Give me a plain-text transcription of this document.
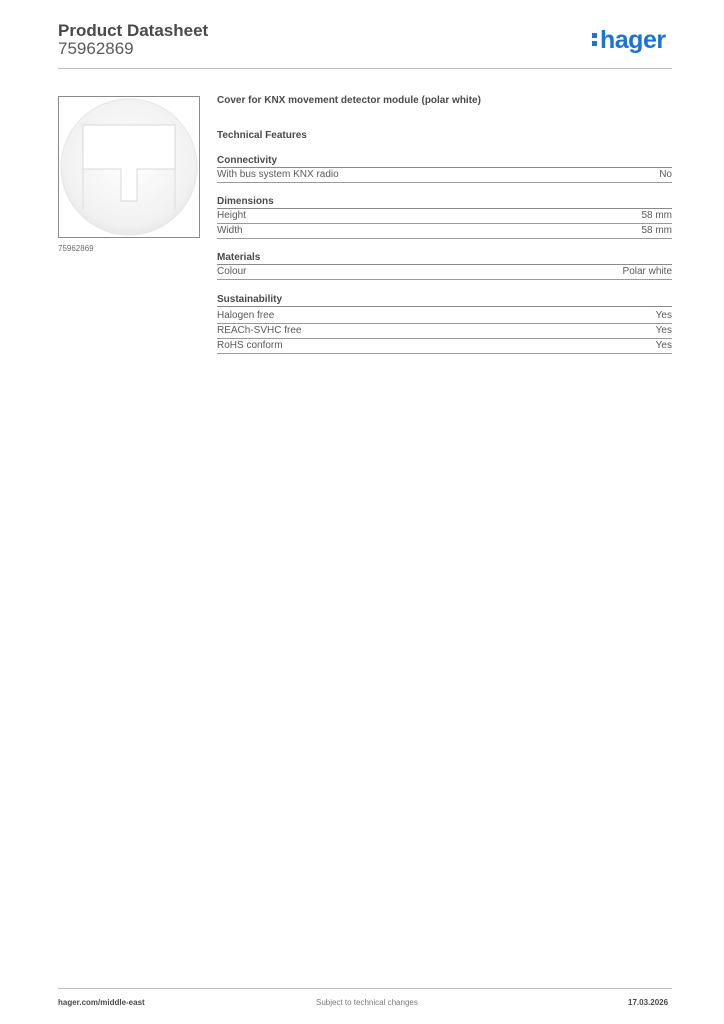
Product Datasheet
75962869	hager
75962869
Cover for KNX movement detector module (polar white)
Technical Features
Connectivity
With bus system KNX radio	No
Dimensions
Height	58 mm
Width	58 mm
Materials
Colour	Polar white
Sustainability
Halogen free	Yes
REACh-SVHC free	Yes
RoHS conform	Yes
hager.com/middle-east	Subject to technical changes	17.03.2026
